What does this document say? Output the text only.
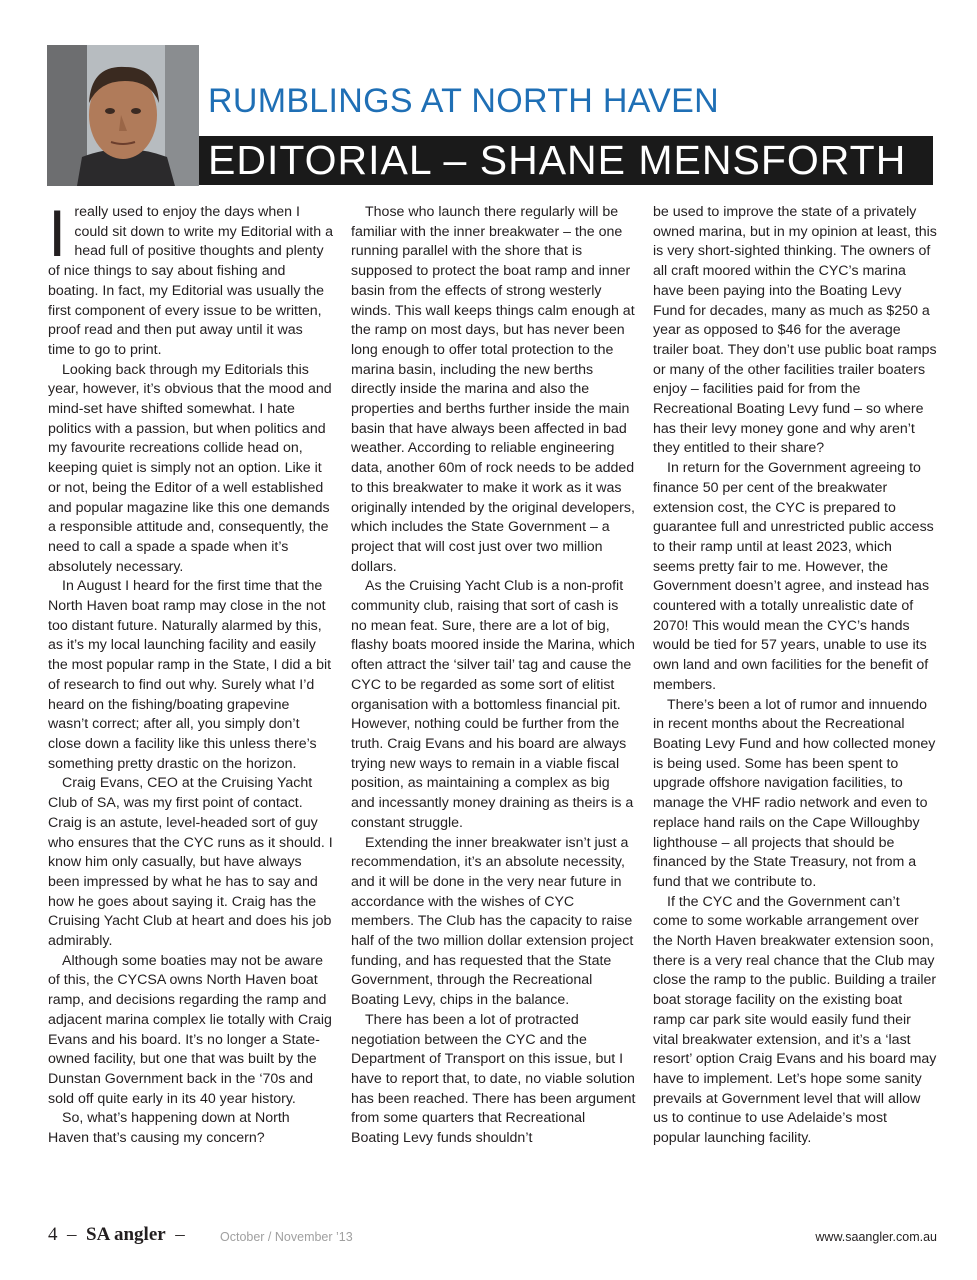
RUMBLINGS AT NORTH HAVEN
EDITORIAL – SHANE MENSFORTH

Ireally used to enjoy the days when I could sit down to write my Editorial with a head full of positive thoughts and plenty of nice things to say about fishing and boating. In fact, my Editorial was usually the first component of every issue to be written, proof read and then put away until it was time to go to print.

Looking back through my Editorials this year, however, it’s obvious that the mood and mind-set have shifted somewhat. I hate politics with a passion, but when politics and my favourite recreations collide head on, keeping quiet is simply not an option. Like it or not, being the Editor of a well established and popular magazine like this one demands a responsible attitude and, consequently, the need to call a spade a spade when it’s absolutely necessary.

In August I heard for the first time that the North Haven boat ramp may close in the not too distant future. Naturally alarmed by this, as it’s my local launching facility and easily the most popular ramp in the State, I did a bit of research to find out why. Surely what I’d heard on the fishing/boating grapevine wasn’t correct; after all, you simply don’t close down a facility like this unless there’s something pretty drastic on the horizon.

Craig Evans, CEO at the Cruising Yacht Club of SA, was my first point of contact. Craig is an astute, level-headed sort of guy who ensures that the CYC runs as it should. I know him only casually, but have always been impressed by what he has to say and how he goes about saying it. Craig has the Cruising Yacht Club at heart and does his job admirably.

Although some boaties may not be aware of this, the CYCSA owns North Haven boat ramp, and decisions regarding the ramp and adjacent marina complex lie totally with Craig Evans and his board. It’s no longer a State-owned facility, but one that was built by the Dunstan Government back in the ‘70s and sold off quite early in its 40 year history.

So, what’s happening down at North Haven that’s causing my concern?

Those who launch there regularly will be familiar with the inner breakwater – the one running parallel with the shore that is supposed to protect the boat ramp and inner basin from the effects of strong westerly winds. This wall keeps things calm enough at the ramp on most days, but has never been long enough to offer total protection to the marina basin, including the new berths directly inside the marina and also the properties and berths further inside the main basin that have always been affected in bad weather. According to reliable engineering data, another 60m of rock needs to be added to this breakwater to make it work as it was originally intended by the original developers, which includes the State Government – a project that will cost just over two million dollars.

As the Cruising Yacht Club is a non-profit community club, raising that sort of cash is no mean feat. Sure, there are a lot of big, flashy boats moored inside the Marina, which often attract the ‘silver tail’ tag and cause the CYC to be regarded as some sort of elitist organisation with a bottomless financial pit. However, nothing could be further from the truth. Craig Evans and his board are always trying new ways to remain in a viable fiscal position, as maintaining a complex as big and incessantly money draining as theirs is a constant struggle.

Extending the inner breakwater isn’t just a recommendation, it’s an absolute necessity, and it will be done in the very near future in accordance with the wishes of CYC members. The Club has the capacity to raise half of the two million dollar extension project funding, and has requested that the State Government, through the Recreational Boating Levy, chips in the balance.

There has been a lot of protracted negotiation between the CYC and the Department of Transport on this issue, but I have to report that, to date, no viable solution has been reached. There has been argument from some quarters that Recreational Boating Levy funds shouldn’t

be used to improve the state of a privately owned marina, but in my opinion at least, this is very short-sighted thinking. The owners of all craft moored within the CYC’s marina have been paying into the Boating Levy Fund for decades, many as much as $250 a year as opposed to $46 for the average trailer boat. They don’t use public boat ramps or many of the other facilities trailer boaters enjoy – facilities paid for from the Recreational Boating Levy fund – so where has their levy money gone and why aren’t they entitled to their share?

In return for the Government agreeing to finance 50 per cent of the breakwater extension cost, the CYC is prepared to guarantee full and unrestricted public access to their ramp until at least 2023, which seems pretty fair to me. However, the Government doesn’t agree, and instead has countered with a totally unrealistic date of 2070! This would mean the CYC’s hands would be tied for 57 years, unable to use its own land and own facilities for the benefit of members.

There’s been a lot of rumor and innuendo in recent months about the Recreational Boating Levy Fund and how collected money is being used. Some has been spent to upgrade offshore navigation facilities, to manage the VHF radio network and even to replace hand rails on the Cape Willoughby lighthouse – all projects that should be financed by the State Treasury, not from a fund that we contribute to.

If the CYC and the Government can’t come to some workable arrangement over the North Haven breakwater extension soon, there is a very real chance that the Club may close the ramp to the public. Building a trailer boat storage facility on the existing boat ramp car park site would easily fund their vital breakwater extension, and it’s a ‘last resort’ option Craig Evans and his board may have to implement. Let’s hope some sanity prevails at Government level that will allow us to continue to use Adelaide’s most popular launching facility.

4 – SA angler –	October / November ’13	www.saangler.com.au
